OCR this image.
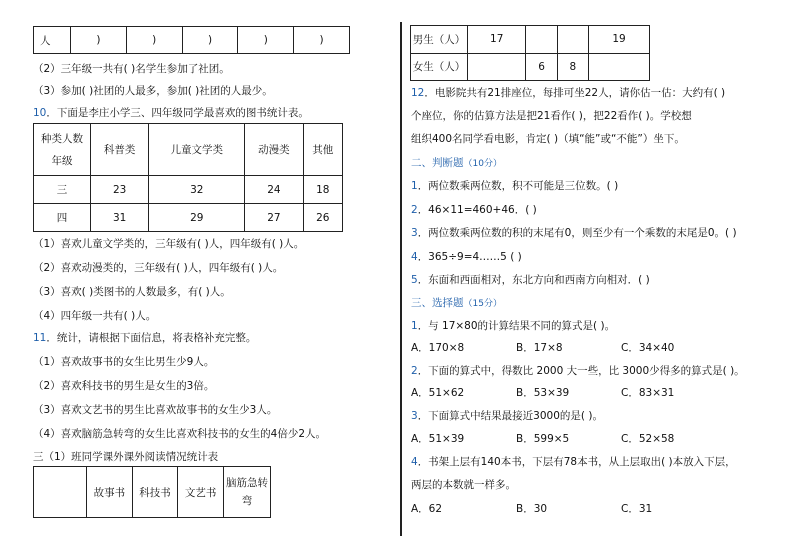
人	)	)	)	)	)
（2）三年级一共有( )名学生参加了社团。
（3）参加( )社团的人最多，参加( )社团的人最少。
10．下面是李庄小学三、四年级同学最喜欢的图书统计表。
种类人数
年级	科普类	儿童文学类	动漫类	其他
三	23	32	24	18
四	31	29	27	26
（1）喜欢儿童文学类的，三年级有( )人，四年级有( )人。
（2）喜欢动漫类的，三年级有( )人，四年级有( )人。
（3）喜欢( )类图书的人数最多，有( )人。
（4）四年级一共有( )人。
11．统计，请根据下面信息，将表格补充完整。
（1）喜欢故事书的女生比男生少9人。
（2）喜欢科技书的男生是女生的3倍。
（3）喜欢文艺书的男生比喜欢故事书的女生少3人。
（4）喜欢脑筋急转弯的女生比喜欢科技书的女生的4倍少2人。
三（1）班同学课外课外阅读情况统计表
	故事书	科技书	文艺书	脑筋急转弯
男生（人）	17			19
女生（人）		6	8	
12．电影院共有21排座位，每排可坐22人，请你估一估：大约有( )
个座位，你的估算方法是把21看作( )，把22看作( )。学校想
组织400名同学看电影，肯定( )（填“能”或“不能”）坐下。
二、判断题（10分）
1．两位数乘两位数，积不可能是三位数。( )
2．46×11=460+46．( )
3．两位数乘两位数的积的末尾有0，则至少有一个乘数的末尾是0。( )
4．365÷9=4……5 ( )
5．东面和西面相对，东北方向和西南方向相对．( )
三、选择题（15分）
1．与 17×80的计算结果不同的算式是( )。
A．170×8	B．17×8	C．34×40
2．下面的算式中，得数比 2000 大一些，比 3000少得多的算式是( )。
A．51×62	B．53×39	C．83×31
3．下面算式中结果最接近3000的是( )。
A．51×39	B．599×5	C．52×58
4．书架上层有140本书，下层有78本书，从上层取出( )本放入下层，
两层的本数就一样多。
A．62	B．30	C．31
